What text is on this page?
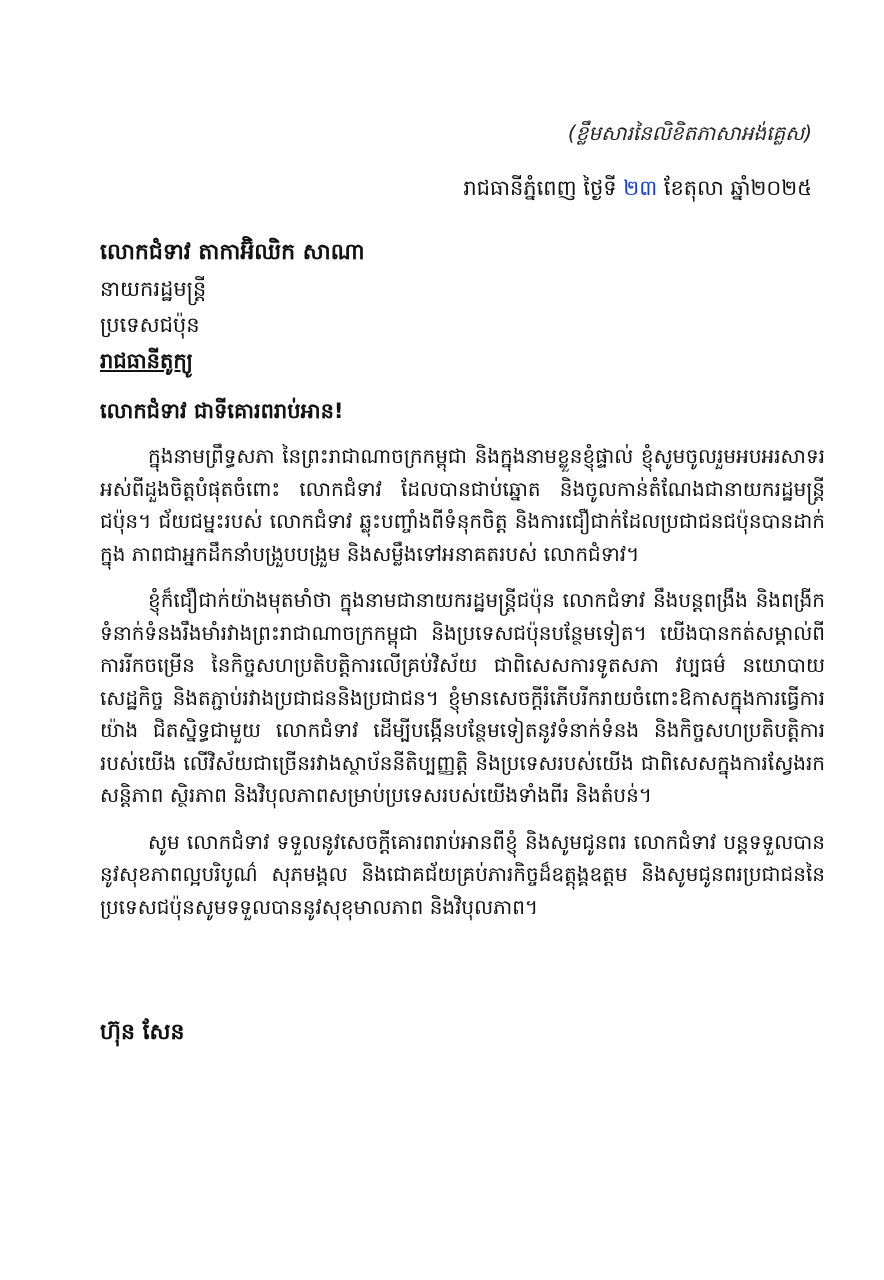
(ខ្លឹមសារនៃលិខិតភាសាអង់គ្លេស)
រាជធានីភ្នំពេញ ថ្ងៃទី ២៣ ខែតុលា ឆ្នាំ២០២៥
លោកជំទាវ តាកាអ៊ិឈិក សាណា
នាយករដ្ឋមន្ត្រី
ប្រទេសជប៉ុន
រាជធានីតូក្យូ
លោកជំទាវ ជាទីគោរពរាប់អាន!

ក្នុងនាមព្រឹទ្ធសភា នៃព្រះរាជាណាចក្រកម្ពុជា និងក្នុងនាមខ្លួនខ្ញុំផ្ទាល់ ខ្ញុំសូមចូលរួមអបអរសាទរ អស់ពីដួងចិត្តបំផុតចំពោះ លោកជំទាវ ដែលបានជាប់ឆ្នោត និងចូលកាន់តំណែងជានាយករដ្ឋមន្ត្រីជប៉ុន។ ជ័យជម្នះរបស់ លោកជំទាវ ឆ្លុះបញ្ចាំងពីទំនុកចិត្ត និងការជឿជាក់ដែលប្រជាជនជប៉ុនបានដាក់ក្នុង ភាពជាអ្នកដឹកនាំបង្រួបបង្រួម និងសម្លឹងទៅអនាគតរបស់ លោកជំទាវ។

ខ្ញុំក៏ជឿជាក់យ៉ាងមុតមាំថា ក្នុងនាមជានាយករដ្ឋមន្ត្រីជប៉ុន លោកជំទាវ នឹងបន្តពង្រឹង និងពង្រីក ទំនាក់ទំនងរឹងមាំរវាងព្រះរាជាណាចក្រកម្ពុជា និងប្រទេសជប៉ុនបន្ថែមទៀត។ យើងបានកត់សម្គាល់ពី ការរីកចម្រើន នៃកិច្ចសហប្រតិបត្តិការលើគ្រប់វិស័យ ជាពិសេសការទូតសភា វប្បធម៌ នយោបាយ សេដ្ឋកិច្ច និងតភ្ជាប់រវាងប្រជាជននិងប្រជាជន។ ខ្ញុំមានសេចក្តីរំភើបរីករាយចំពោះឱកាសក្នុងការធ្វើការយ៉ាង ជិតស្និទ្ធជាមួយ លោកជំទាវ ដើម្បីបង្កើនបន្ថែមទៀតនូវទំនាក់ទំនង និងកិច្ចសហប្រតិបត្តិការរបស់យើង លើវិស័យជាច្រើនរវាងស្ថាប័ននីតិប្បញ្ញត្តិ និងប្រទេសរបស់យើង ជាពិសេសក្នុងការស្វែងរកសន្តិភាព ស្ថិរភាព និងវិបុលភាពសម្រាប់ប្រទេសរបស់យើងទាំងពីរ និងតំបន់។

សូម លោកជំទាវ ទទួលនូវសេចក្តីគោរពរាប់អានពីខ្ញុំ និងសូមជូនពរ លោកជំទាវ បន្តទទួលបាន នូវសុខភាពល្អបរិបូណ៌ សុភមង្គល និងជោគជ័យគ្រប់ភារកិច្ចដ៏ឧត្តុង្គឧត្តម និងសូមជូនពរប្រជាជននៃ ប្រទេសជប៉ុនសូមទទួលបាននូវសុខុមាលភាព និងវិបុលភាព។

ហ៊ុន សែន
